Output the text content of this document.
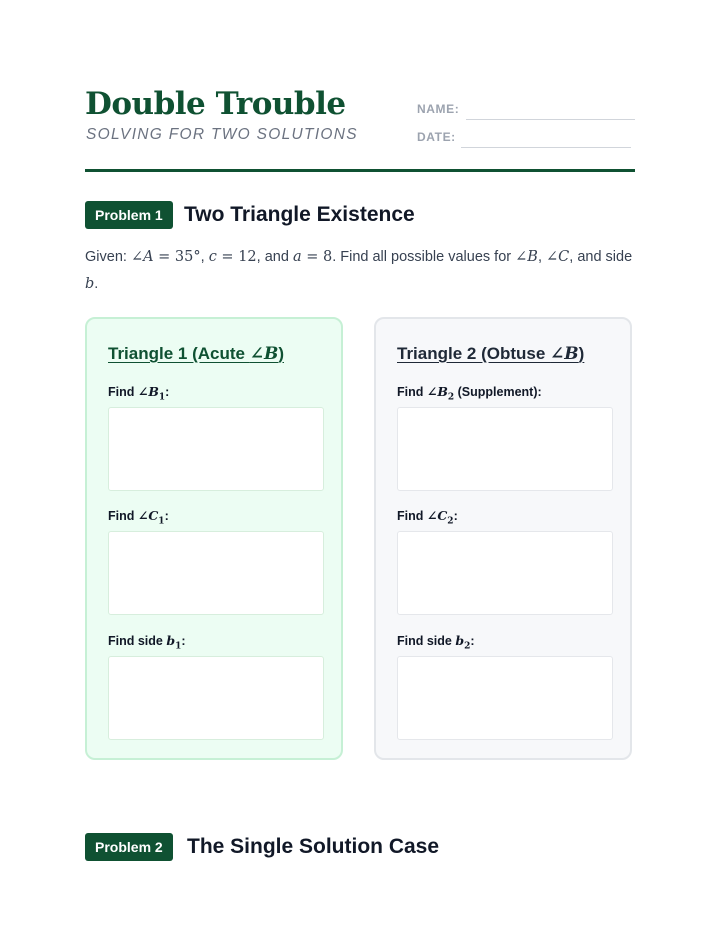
Double Trouble
SOLVING FOR TWO SOLUTIONS
NAME:
DATE:
Problem 1	Two Triangle Existence
Given: ∠A = 35°, c = 12, and a = 8. Find all possible values for ∠B, ∠C, and side b.
Triangle 1 (Acute ∠B)
Find $\angle B_1$:
Find $\angle C_1$:
Find side $b_1$:
Triangle 2 (Obtuse ∠B)
Find $\angle B_2$ (Supplement):
Find $\angle C_2$:
Find side $b_2$:
Problem 2	The Single Solution Case
